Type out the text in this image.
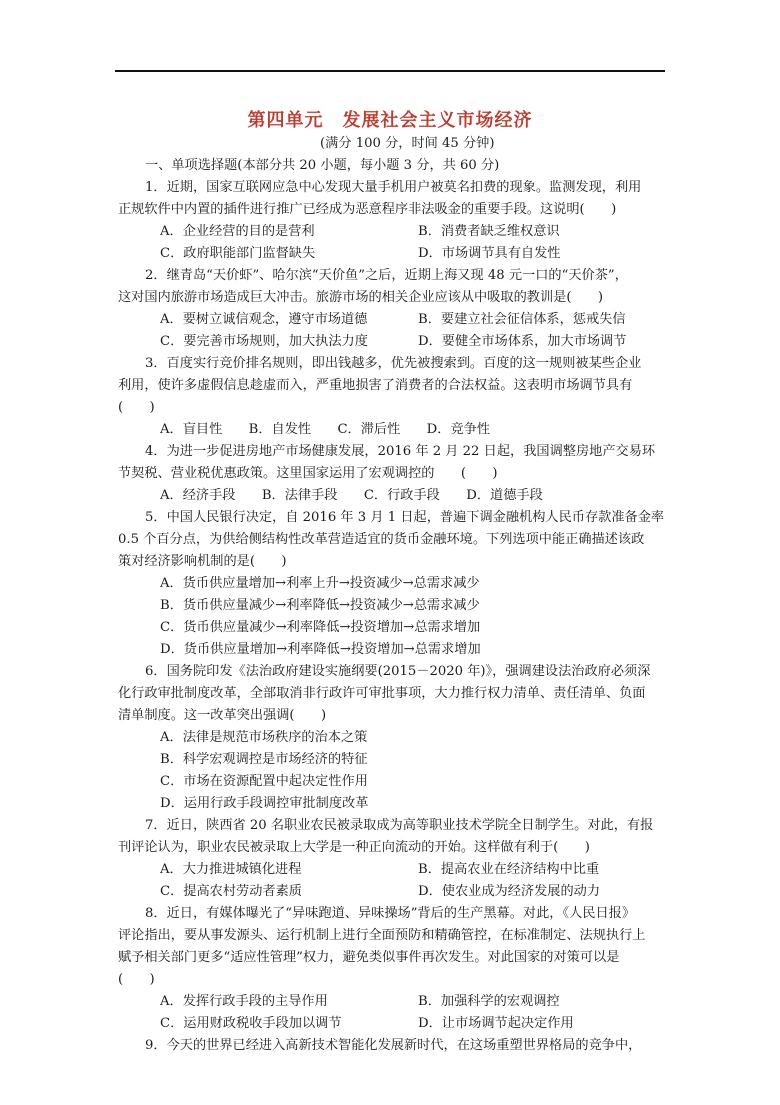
第四单元　发展社会主义市场经济
(满分 100 分，时间 45 分钟)
一、单项选择题(本部分共 20 小题，每小题 3 分，共 60 分)
1．近期，国家互联网应急中心发现大量手机用户被莫名扣费的现象。监测发现，利用
正规软件中内置的插件进行推广已经成为恶意程序非法吸金的重要手段。这说明(　　)
A．企业经营的目的是营利	B．消费者缺乏维权意识
C．政府职能部门监督缺失	D．市场调节具有自发性
2．继青岛“天价虾”、哈尔滨“天价鱼”之后，近期上海又现 48 元一口的“天价茶”，
这对国内旅游市场造成巨大冲击。旅游市场的相关企业应该从中吸取的教训是(　　)
A．要树立诚信观念，遵守市场道德	B．要建立社会征信体系，惩戒失信
C．要完善市场规则，加大执法力度	D．要健全市场体系，加大市场调节
3．百度实行竞价排名规则，即出钱越多，优先被搜索到。百度的这一规则被某些企业
利用，使许多虚假信息趁虚而入，严重地损害了消费者的合法权益。这表明市场调节具有
(　　)
A．盲目性　　B．自发性　　C．滞后性　　D．竞争性
4．为进一步促进房地产市场健康发展，2016 年 2 月 22 日起，我国调整房地产交易环
节契税、营业税优惠政策。这里国家运用了宏观调控的　　(　　)
A．经济手段　　B．法律手段　　C．行政手段　　D．道德手段
5．中国人民银行决定，自 2016 年 3 月 1 日起，普遍下调金融机构人民币存款准备金率
0.5 个百分点，为供给侧结构性改革营造适宜的货币金融环境。下列选项中能正确描述该政
策对经济影响机制的是(　　)
A．货币供应量增加→利率上升→投资减少→总需求减少
B．货币供应量减少→利率降低→投资减少→总需求减少
C．货币供应量减少→利率降低→投资增加→总需求增加
D．货币供应量增加→利率降低→投资增加→总需求增加
6．国务院印发《法治政府建设实施纲要(2015－2020 年)》，强调建设法治政府必须深
化行政审批制度改革，全部取消非行政许可审批事项，大力推行权力清单、责任清单、负面
清单制度。这一改革突出强调(　　)
A．法律是规范市场秩序的治本之策
B．科学宏观调控是市场经济的特征
C．市场在资源配置中起决定性作用
D．运用行政手段调控审批制度改革
7．近日，陕西省 20 名职业农民被录取成为高等职业技术学院全日制学生。对此，有报
刊评论认为，职业农民被录取上大学是一种正向流动的开始。这样做有利于(　　)
A．大力推进城镇化进程	B．提高农业在经济结构中比重
C．提高农村劳动者素质	D．使农业成为经济发展的动力
8．近日，有媒体曝光了“异味跑道、异味操场”背后的生产黑幕。对此，《人民日报》
评论指出，要从事发源头、运行机制上进行全面预防和精确管控，在标准制定、法规执行上
赋予相关部门更多“适应性管理”权力，避免类似事件再次发生。对此国家的对策可以是
(　　)
A．发挥行政手段的主导作用	B．加强科学的宏观调控
C．运用财政税收手段加以调节	D．让市场调节起决定作用
9．今天的世界已经进入高新技术智能化发展新时代，在这场重塑世界格局的竞争中，
